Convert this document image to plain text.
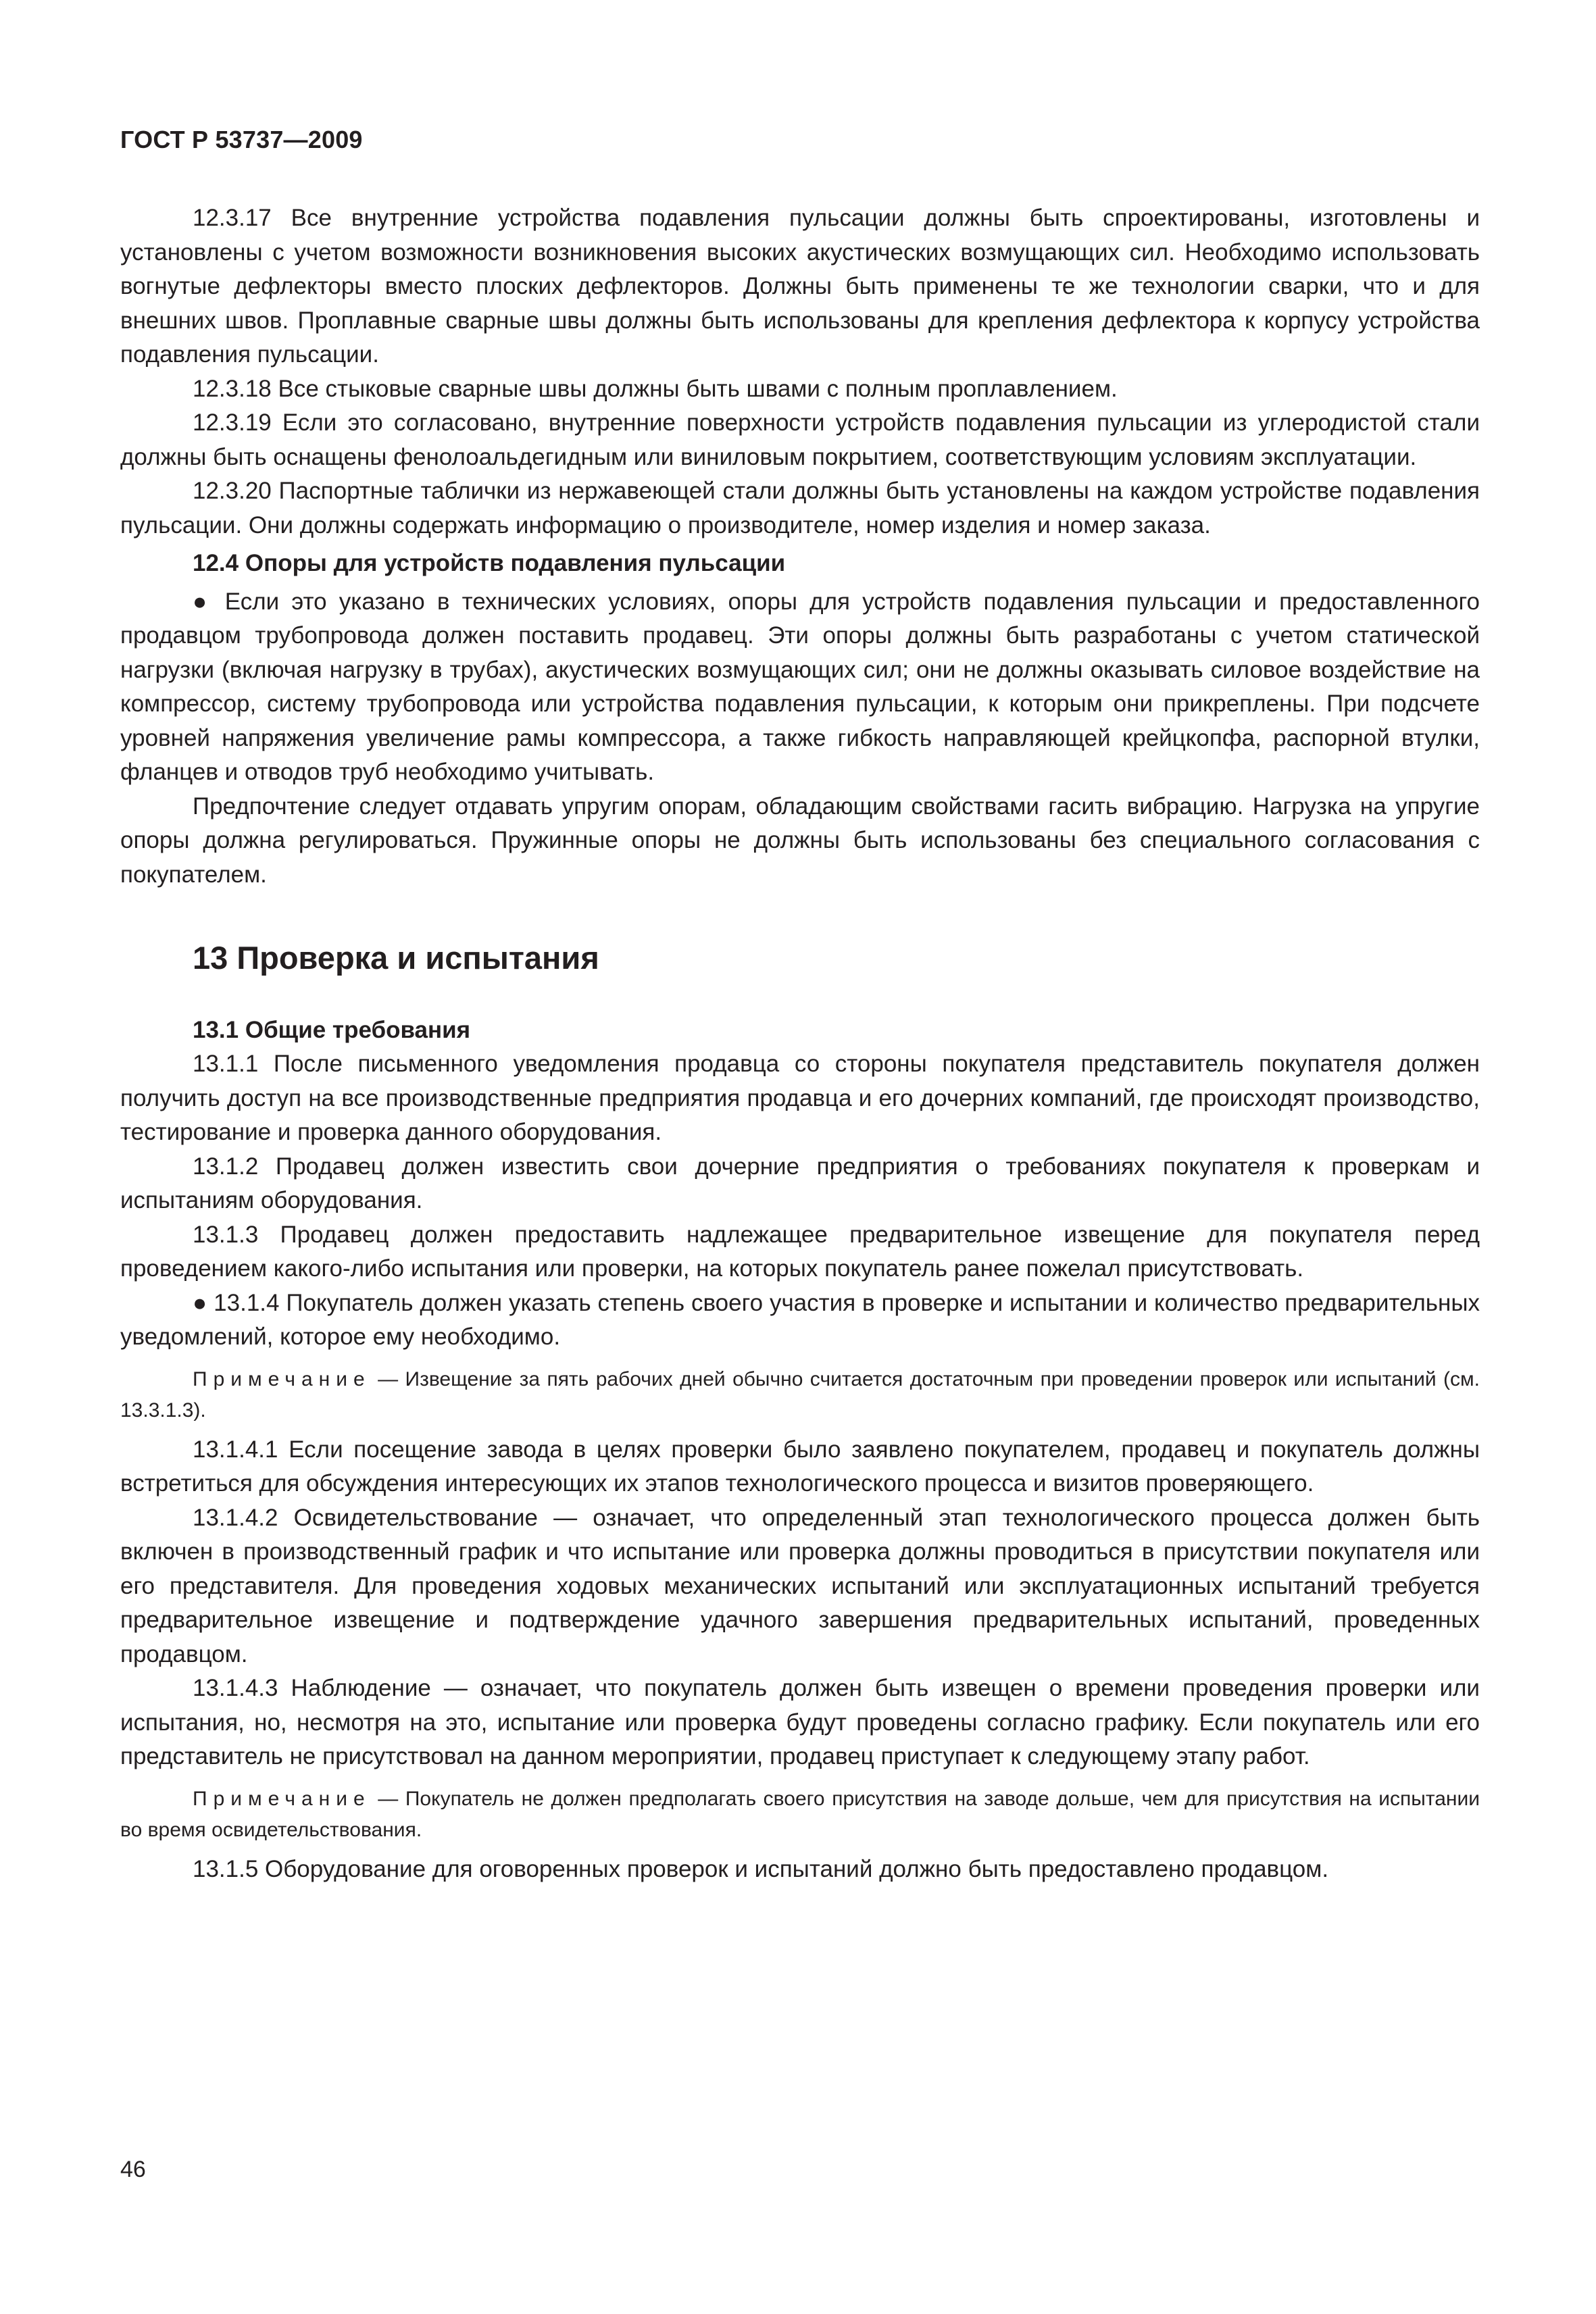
ГОСТ Р 53737—2009

12.3.17 Все внутренние устройства подавления пульсации должны быть спроектированы, изготовлены и установлены с учетом возможности возникновения высоких акустических возмущающих сил. Необходимо использовать вогнутые дефлекторы вместо плоских дефлекторов. Должны быть применены те же технологии сварки, что и для внешних швов. Проплавные сварные швы должны быть использованы для крепления дефлектора к корпусу устройства подавления пульсации.

12.3.18 Все стыковые сварные швы должны быть швами с полным проплавлением.

12.3.19 Если это согласовано, внутренние поверхности устройств подавления пульсации из углеродистой стали должны быть оснащены фенолоальдегидным или виниловым покрытием, соответствующим условиям эксплуатации.

12.3.20 Паспортные таблички из нержавеющей стали должны быть установлены на каждом устройстве подавления пульсации. Они должны содержать информацию о производителе, номер изделия и номер заказа.

12.4 Опоры для устройств подавления пульсации

● Если это указано в технических условиях, опоры для устройств подавления пульсации и предоставленного продавцом трубопровода должен поставить продавец. Эти опоры должны быть разработаны с учетом статической нагрузки (включая нагрузку в трубах), акустических возмущающих сил; они не должны оказывать силовое воздействие на компрессор, систему трубопровода или устройства подавления пульсации, к которым они прикреплены. При подсчете уровней напряжения увеличение рамы компрессора, а также гибкость направляющей крейцкопфа, распорной втулки, фланцев и отводов труб необходимо учитывать.

Предпочтение следует отдавать упругим опорам, обладающим свойствами гасить вибрацию. Нагрузка на упругие опоры должна регулироваться. Пружинные опоры не должны быть использованы без специального согласования с покупателем.

13 Проверка и испытания
13.1 Общие требования

13.1.1 После письменного уведомления продавца со стороны покупателя представитель покупателя должен получить доступ на все производственные предприятия продавца и его дочерних компаний, где происходят производство, тестирование и проверка данного оборудования.

13.1.2 Продавец должен известить свои дочерние предприятия о требованиях покупателя к проверкам и испытаниям оборудования.

13.1.3 Продавец должен предоставить надлежащее предварительное извещение для покупателя перед проведением какого-либо испытания или проверки, на которых покупатель ранее пожелал присутствовать.

● 13.1.4 Покупатель должен указать степень своего участия в проверке и испытании и количество предварительных уведомлений, которое ему необходимо.

Примечание — Извещение за пять рабочих дней обычно считается достаточным при проведении проверок или испытаний (см. 13.3.1.3).

13.1.4.1 Если посещение завода в целях проверки было заявлено покупателем, продавец и покупатель должны встретиться для обсуждения интересующих их этапов технологического процесса и визитов проверяющего.

13.1.4.2 Освидетельствование — означает, что определенный этап технологического процесса должен быть включен в производственный график и что испытание или проверка должны проводиться в присутствии покупателя или его представителя. Для проведения ходовых механических испытаний или эксплуатационных испытаний требуется предварительное извещение и подтверждение удачного завершения предварительных испытаний, проведенных продавцом.

13.1.4.3 Наблюдение — означает, что покупатель должен быть извещен о времени проведения проверки или испытания, но, несмотря на это, испытание или проверка будут проведены согласно графику. Если покупатель или его представитель не присутствовал на данном мероприятии, продавец приступает к следующему этапу работ.

Примечание — Покупатель не должен предполагать своего присутствия на заводе дольше, чем для присутствия на испытании во время освидетельствования.

13.1.5 Оборудование для оговоренных проверок и испытаний должно быть предоставлено продавцом.

46
